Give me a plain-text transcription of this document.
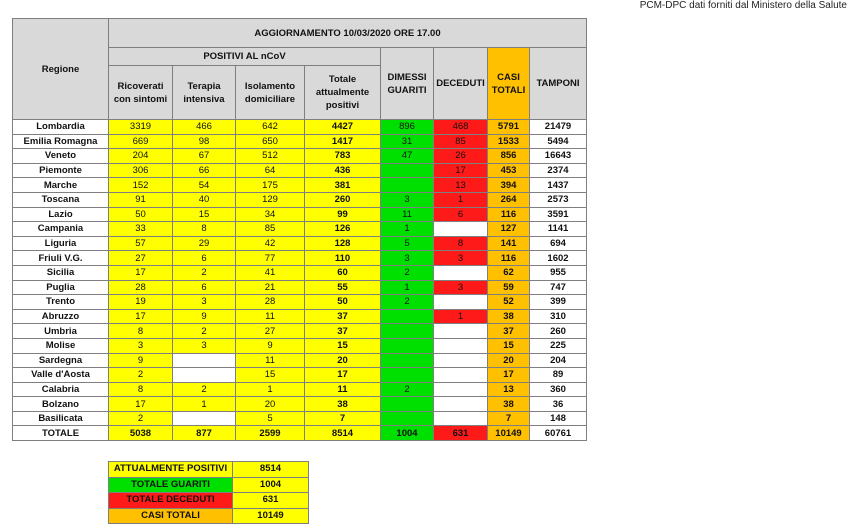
PCM-DPC dati forniti dal Ministero della Salute
Regione	AGGIORNAMENTO 10/03/2020 ORE 17.00							
	POSITIVI AL nCoV				DIMESSI GUARITI	DECEDUTI	CASI TOTALI	TAMPONI
	Ricoverati con sintomi	Terapia intensiva	Isolamento domiciliare	Totale attualmente positivi				
Lombardia	3319	466	642	4427	896	468	5791	21479
Emilia Romagna	669	98	650	1417	31	85	1533	5494
Veneto	204	67	512	783	47	26	856	16643
Piemonte	306	66	64	436		17	453	2374
Marche	152	54	175	381		13	394	1437
Toscana	91	40	129	260	3	1	264	2573
Lazio	50	15	34	99	11	6	116	3591
Campania	33	8	85	126	1		127	1141
Liguria	57	29	42	128	5	8	141	694
Friuli V.G.	27	6	77	110	3	3	116	1602
Sicilia	17	2	41	60	2		62	955
Puglia	28	6	21	55	1	3	59	747
Trento	19	3	28	50	2		52	399
Abruzzo	17	9	11	37		1	38	310
Umbria	8	2	27	37			37	260
Molise	3	3	9	15			15	225
Sardegna	9		11	20			20	204
Valle d'Aosta	2		15	17			17	89
Calabria	8	2	1	11	2		13	360
Bolzano	17	1	20	38			38	36
Basilicata	2		5	7			7	148
TOTALE	5038	877	2599	8514	1004	631	10149	60761
ATTUALMENTE POSITIVI	8514
TOTALE GUARITI	1004
TOTALE DECEDUTI	631
CASI TOTALI	10149
